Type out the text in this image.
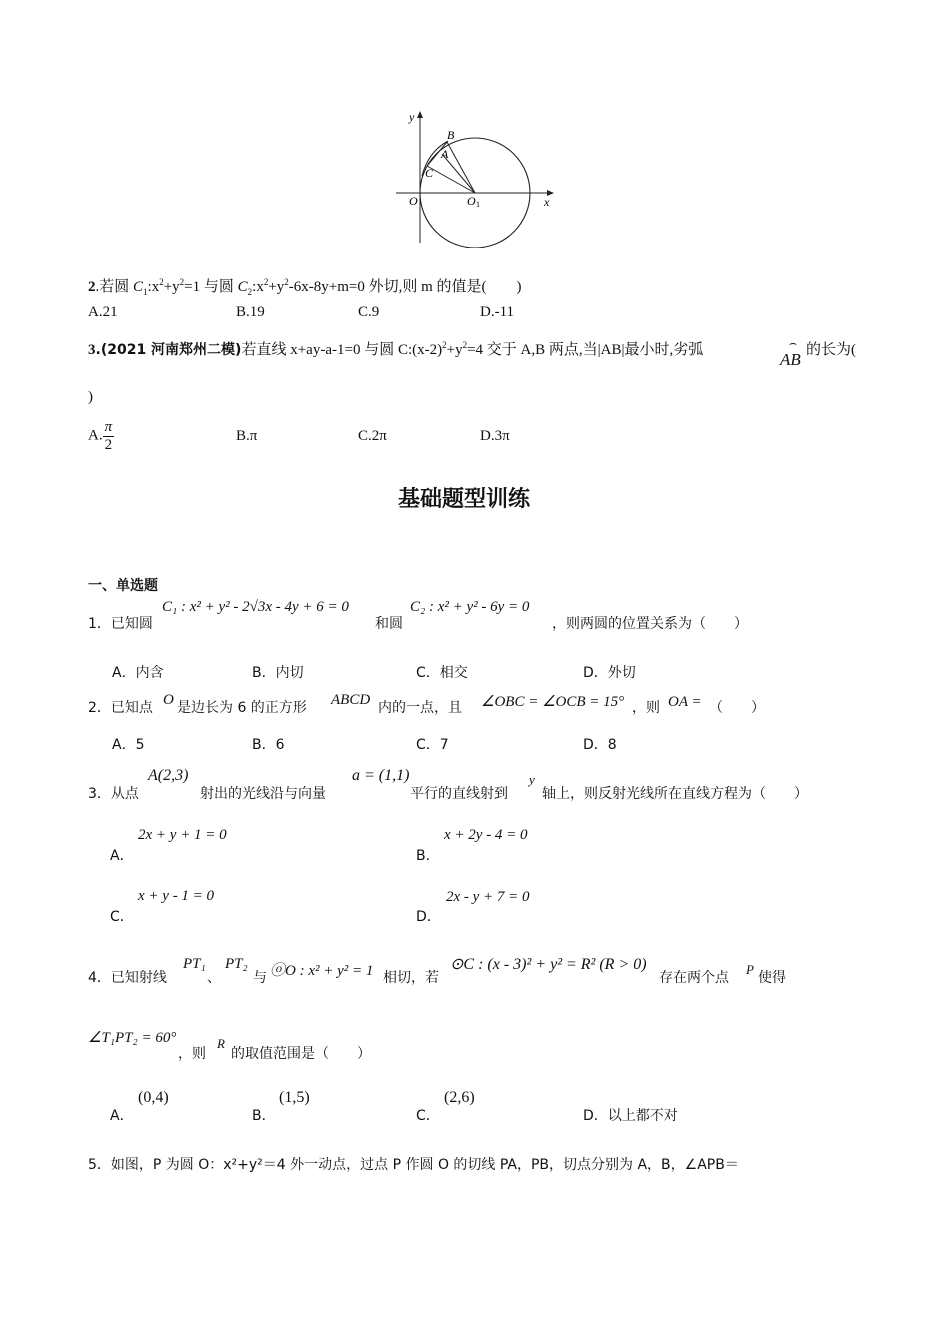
y
x
O	O 1
B
A
C
2.若圆 $C_1:x^2+y^2=1$ 与圆 $C_2:x^2+y^2-6x-8y+m=0$ 外切,则 m 的值是(　　)
A.21	B.19	C.9	D.-11
3.(2021 河南郑州二模)若直线 x+ay-a-1=0 与圆 $C:(x-2)^2+y^2=4$ 交于 A,B 两点,当|AB|最小时,劣弧	⌢
AB 的长为(
)
A. $\frac{\pi}{2}$	B.π	C.2π	D.3π
基础题型训练
一、单选题
1．已知圆
C₁ : x² + y² - 2√3x - 4y + 6 = 0
和圆
C₂ : x² + y² - 6y = 0
，则两圆的位置关系为（　　）
A．内含	B．内切	C．相交	D．外切
2．已知点 O 是边长为 6 的正方形 ABCD 内的一点，且 ∠OBC = ∠OCB = 15° ，则 OA = （　　）
A．5	B．6	C．7	D．8
3．从点
A(2,3)
射出的光线沿与向量
a = (1,1)
平行的直线射到
y
轴上，则反射光线所在直线方程为（　　）
A．
2x + y + 1 = 0
B．
x + 2y - 4 = 0
C．
x + y - 1 = 0
D．
2x - y + 7 = 0
4．已知射线
PT₁
、
PT₂
与 ⓞO : x² + y² = 1 相切，若
⊙C : (x - 3)² + y² = R² (R > 0)
存在两个点
P
使得
∠T₁PT₂ = 60°
，则
R
的取值范围是（　　）
A．
(0,4)
B．
(1,5)
C．
(2,6)
D．以上都不对
5．如图，P 为圆 O：x²+y²＝4 外一动点，过点 P 作圆 O 的切线 PA，PB，切点分别为 A，B，∠APB＝
